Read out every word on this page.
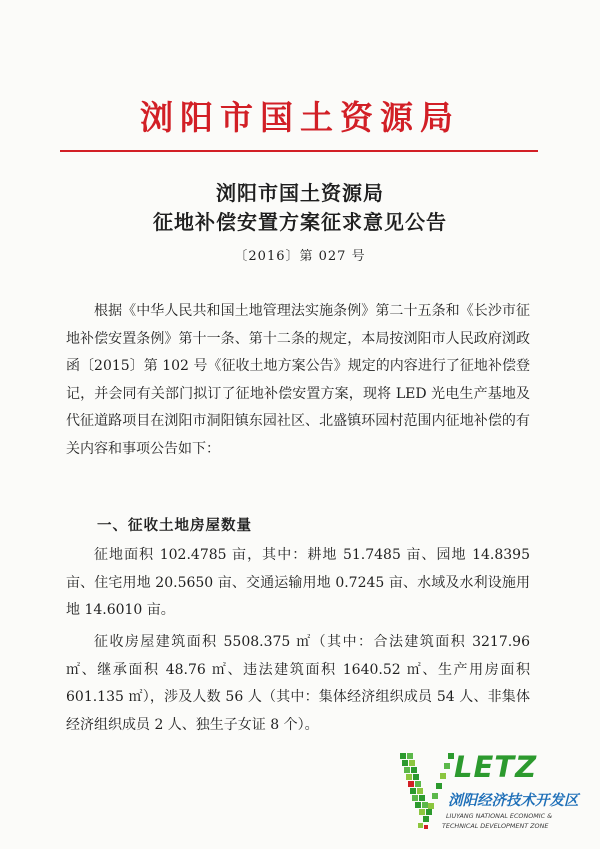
浏阳市国土资源局
浏阳市国土资源局
征地补偿安置方案征求意见公告
〔2016〕第 027 号
根据《中华人民共和国土地管理法实施条例》第二十五条和《长沙市征地补偿安置条例》第十一条、第十二条的规定，本局按浏阳市人民政府浏政函〔2015〕第 102 号《征收土地方案公告》规定的内容进行了征地补偿登记，并会同有关部门拟订了征地补偿安置方案，现将 LED 光电生产基地及代征道路项目在浏阳市洞阳镇东园社区、北盛镇环园村范围内征地补偿的有关内容和事项公告如下：
一、征收土地房屋数量
征地面积 102.4785 亩，其中：耕地 51.7485 亩、园地 14.8395 亩、住宅用地 20.5650 亩、交通运输用地 0.7245 亩、水域及水利设施用地 14.6010 亩。
征收房屋建筑面积 5508.375 ㎡（其中：合法建筑面积 3217.96 ㎡、继承面积 48.76 ㎡、违法建筑面积 1640.52 ㎡、生产用房面积 601.135 ㎡），涉及人数 56 人（其中：集体经济组织成员 54 人、非集体经济组织成员 2 人、独生子女证 8 个）。
LETZ
浏阳经济技术开发区
LIUYANG NATIONAL ECONOMIC &
TECHNICAL DEVELOPMENT ZONE
